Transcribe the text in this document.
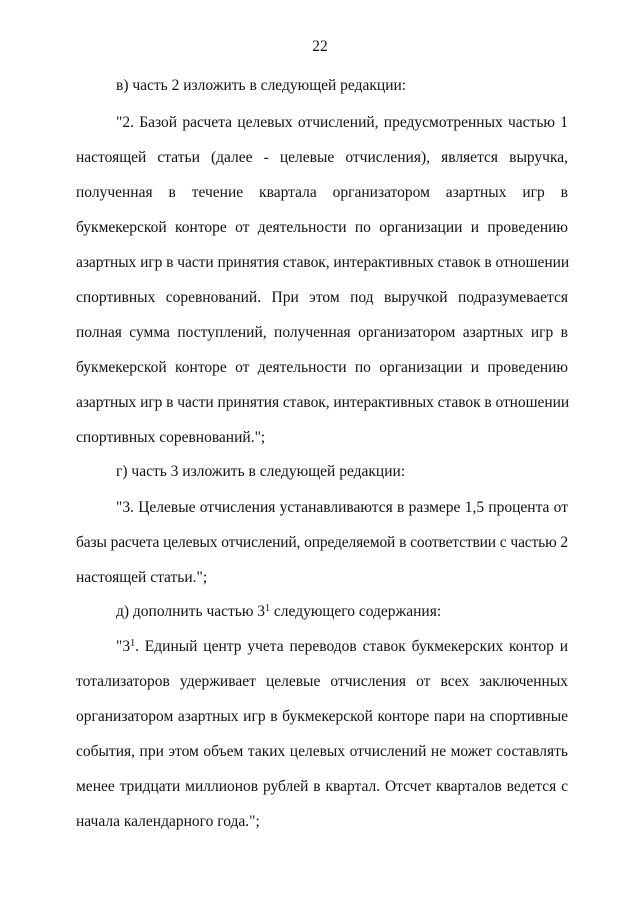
22
в) часть 2 изложить в следующей редакции:
"2. Базой расчета целевых отчислений, предусмотренных частью 1
настоящей статьи (далее - целевые отчисления), является выручка,
полученная в течение квартала организатором азартных игр в
букмекерской конторе от деятельности по организации и проведению
азартных игр в части принятия ставок, интерактивных ставок в отношении
спортивных соревнований. При этом под выручкой подразумевается
полная сумма поступлений, полученная организатором азартных игр в
букмекерской конторе от деятельности по организации и проведению
азартных игр в части принятия ставок, интерактивных ставок в отношении
спортивных соревнований.";
г) часть 3 изложить в следующей редакции:
"3. Целевые отчисления устанавливаются в размере 1,5 процента от
базы расчета целевых отчислений, определяемой в соответствии с частью 2
настоящей статьи.";
д) дополнить частью $3^1$ следующего содержания:
"$3^1$. Единый центр учета переводов ставок букмекерских контор и
тотализаторов удерживает целевые отчисления от всех заключенных
организатором азартных игр в букмекерской конторе пари на спортивные
события, при этом объем таких целевых отчислений не может составлять
менее тридцати миллионов рублей в квартал. Отсчет кварталов ведется с
начала календарного года.";
